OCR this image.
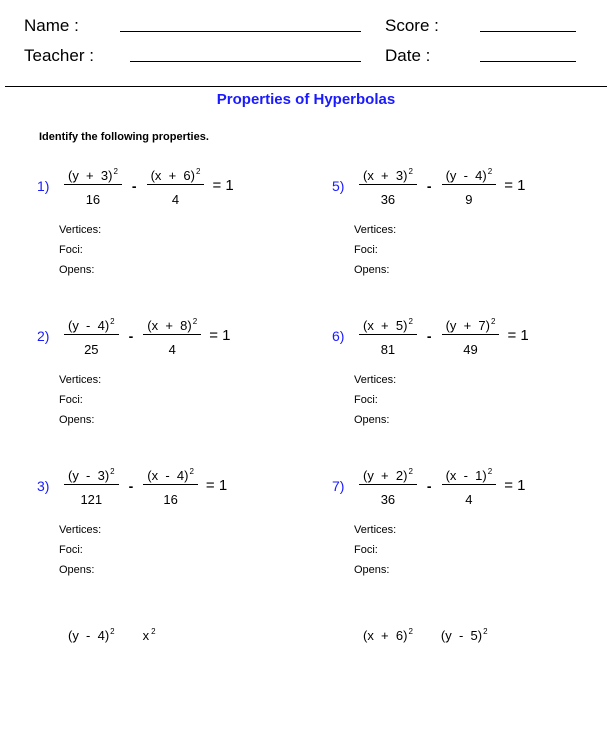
Name :
Teacher :
Score :
Date :
Properties of Hyperbolas
Identify the following properties.
$1) \frac{(y + 3)^2}{16} - \frac{(x + 6)^2}{4} = 1$
Vertices:
Foci:
Opens:
$2) \frac{(y - 4)^2}{25} - \frac{(x + 8)^2}{4} = 1$
Vertices:
Foci:
Opens:
$3) \frac{(y - 3)^2}{121} - \frac{(x - 4)^2}{16} = 1$
Vertices:
Foci:
Opens:
$5) \frac{(x + 3)^2}{36} - \frac{(y - 4)^2}{9} = 1$
Vertices:
Foci:
Opens:
$6) \frac{(x + 5)^2}{81} - \frac{(y + 7)^2}{49} = 1$
Vertices:
Foci:
Opens:
$7) \frac{(y + 2)^2}{36} - \frac{(x - 1)^2}{4} = 1$
Vertices:
Foci:
Opens:
(y  -  4)$^2$	x $^2$	$(x + 6)^2$	(y  -  5)$^2$
